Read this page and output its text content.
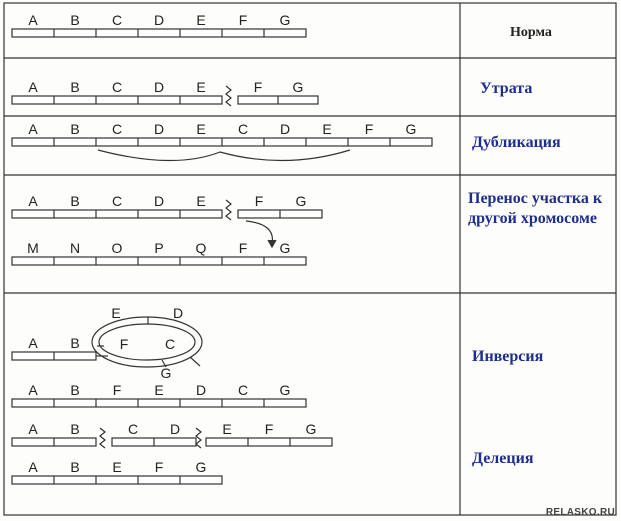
A B C D E F G
A B C D E	F G
A B C D E C D E F G
A B C D E	F G
M N O P Q F G
A B
E	D
F	C
G
A B F E D C G
A B	C D	E F G
A B E F G
Норма
Утрата
Дубликация
Перенос участка к другой хромосоме
Инверсия
Делеция
RELASKO.RU
